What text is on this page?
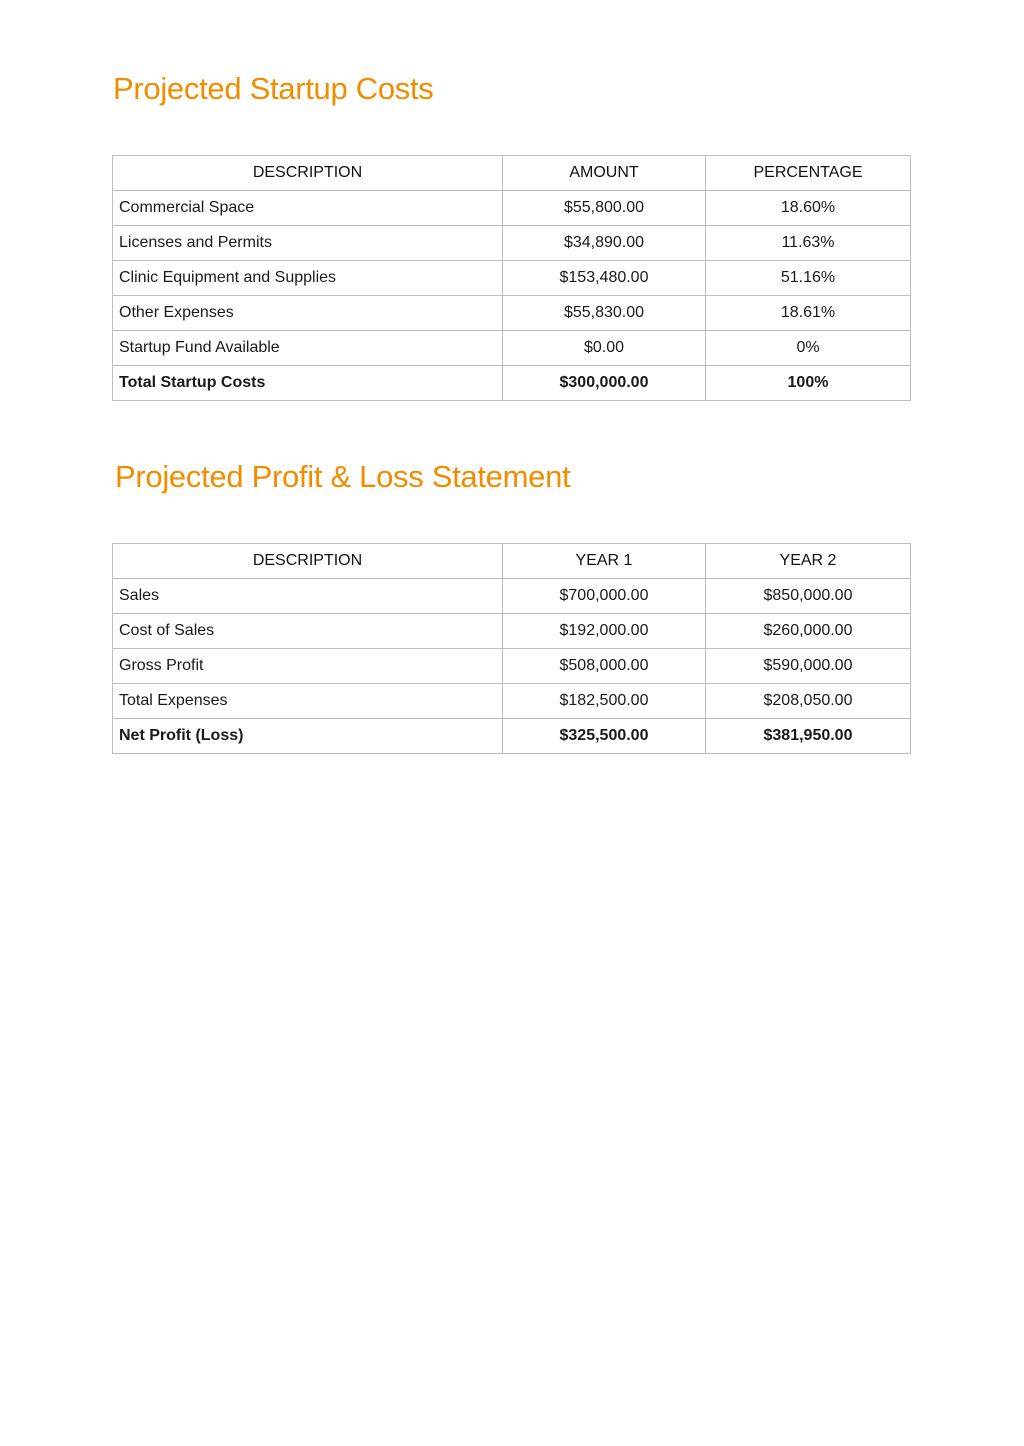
Projected Startup Costs
DESCRIPTION	AMOUNT	PERCENTAGE
Commercial Space	$55,800.00	18.60%
Licenses and Permits	$34,890.00	11.63%
Clinic Equipment and Supplies	$153,480.00	51.16%
Other Expenses	$55,830.00	18.61%
Startup Fund Available	$0.00	0%
Total Startup Costs	$300,000.00	100%
Projected Profit & Loss Statement
DESCRIPTION	YEAR 1	YEAR 2
Sales	$700,000.00	$850,000.00
Cost of Sales	$192,000.00	$260,000.00
Gross Profit	$508,000.00	$590,000.00
Total Expenses	$182,500.00	$208,050.00
Net Profit (Loss)	$325,500.00	$381,950.00
